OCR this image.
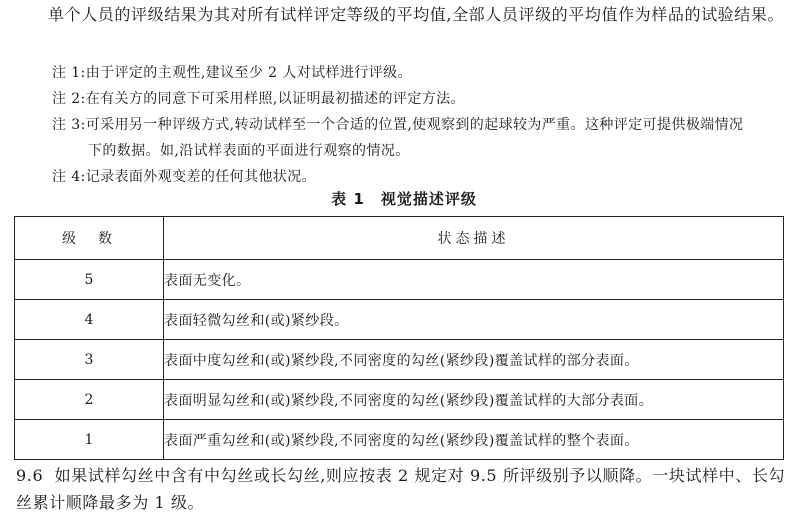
单个人员的评级结果为其对所有试样评定等级的平均值,全部人员评级的平均值作为样品的试验结果。
注 1:由于评定的主观性,建议至少 2 人对试样进行评级。
注 2:在有关方的同意下可采用样照,以证明最初描述的评定方法。
注 3:可采用另一种评级方式,转动试样至一个合适的位置,使观察到的起球较为严重。这种评定可提供极端情况
下的数据。如,沿试样表面的平面进行观察的情况。
注 4:记录表面外观变差的任何其他状况。
表 1　视觉描述评级
级　数	状态描述
5	表面无变化。
4	表面轻微勾丝和(或)紧纱段。
3	表面中度勾丝和(或)紧纱段,不同密度的勾丝(紧纱段)覆盖试样的部分表面。
2	表面明显勾丝和(或)紧纱段,不同密度的勾丝(紧纱段)覆盖试样的大部分表面。
1	表面严重勾丝和(或)紧纱段,不同密度的勾丝(紧纱段)覆盖试样的整个表面。
9.6 如果试样勾丝中含有中勾丝或长勾丝,则应按表 2 规定对 9.5 所评级别予以顺降。一块试样中、长勾丝累计顺降最多为 1 级。
